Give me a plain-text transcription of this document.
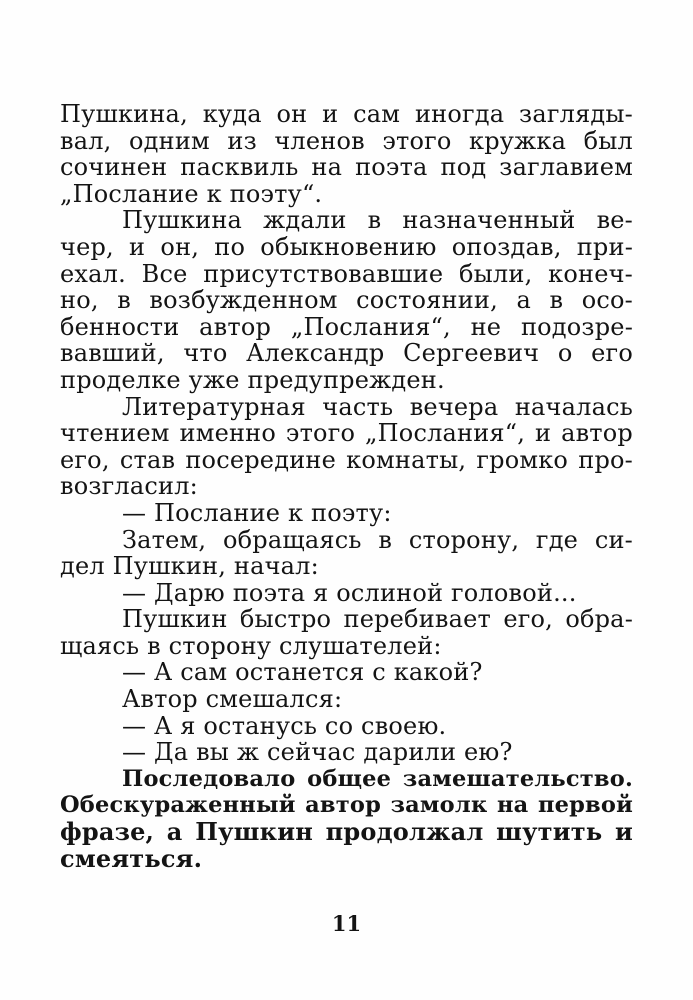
Пушкина, куда он и сам иногда загляды-
вал, одним из членов этого кружка был
сочинен пасквиль на поэта под заглавием
„Послание к поэту“.
Пушкина ждали в назначенный ве-
чер, и он, по обыкновению опоздав, при-
ехал. Все присутствовавшие были, конеч-
но, в возбужденном состоянии, а в осо-
бенности автор „Послания“, не подозре-
вавший, что Александр Сергеевич о его
проделке уже предупрежден.
Литературная часть вечера началась
чтением именно этого „Послания“, и автор
его, став посередине комнаты, громко про-
возгласил:
— Послание к поэту:
Затем, обращаясь в сторону, где си-
дел Пушкин, начал:
— Дарю поэта я ослиной головой...
Пушкин быстро перебивает его, обра-
щаясь в сторону слушателей:
— А сам останется с какой?
Автор смешался:
— А я останусь со своею.
— Да вы ж сейчас дарили ею?
Последовало общее замешательство.
Обескураженный автор замолк на первой
фразе, а Пушкин продолжал шутить и
смеяться.
11
